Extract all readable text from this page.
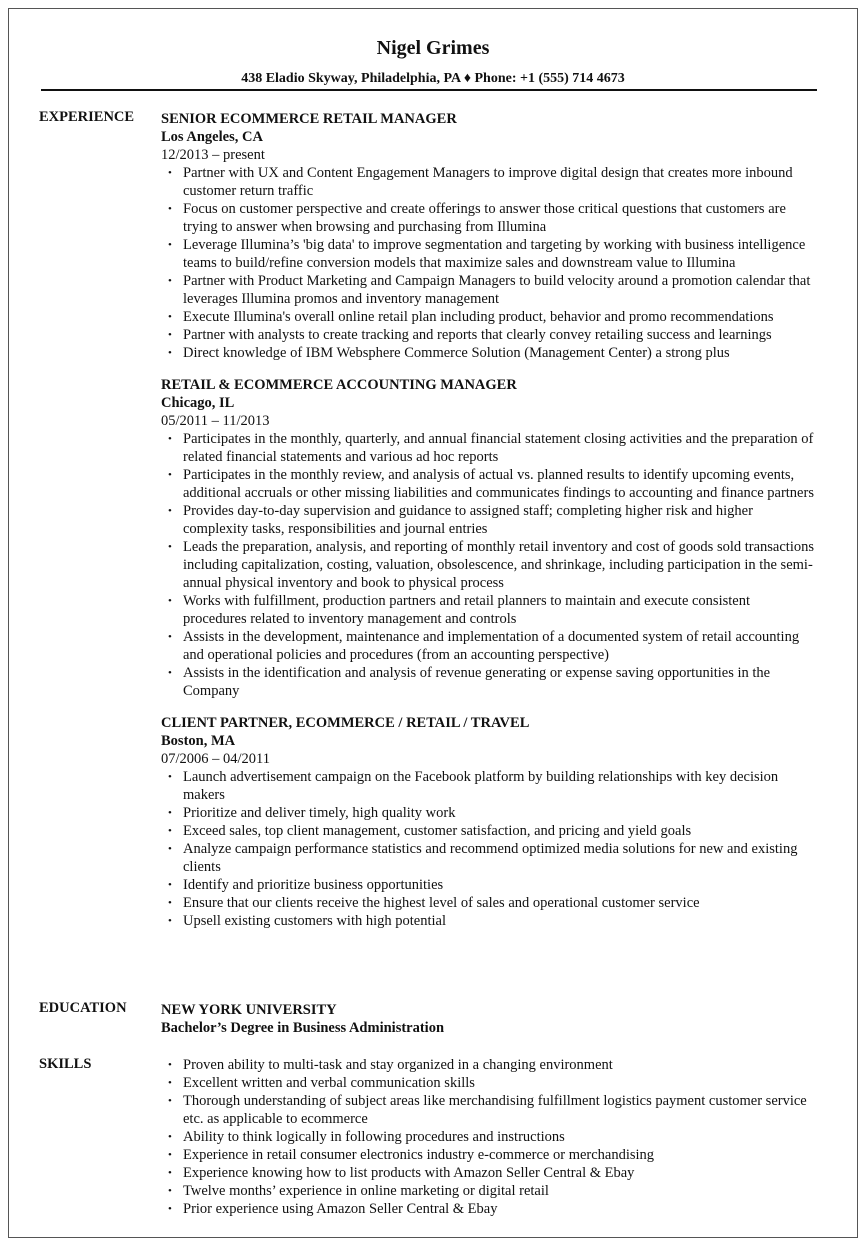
Nigel Grimes
438 Eladio Skyway, Philadelphia, PA ♦ Phone: +1 (555) 714 4673
EXPERIENCE SENIOR ECOMMERCE RETAIL MANAGER
Los Angeles, CA
12/2013 – present
• Partner with UX and Content Engagement Managers to improve digital design that creates more inbound customer return traffic
• Focus on customer perspective and create offerings to answer those critical questions that customers are trying to answer when browsing and purchasing from Illumina
• Leverage Illumina’s 'big data' to improve segmentation and targeting by working with business intelligence teams to build/refine conversion models that maximize sales and downstream value to Illumina
• Partner with Product Marketing and Campaign Managers to build velocity around a promotion calendar that leverages Illumina promos and inventory management
• Execute Illumina's overall online retail plan including product, behavior and promo recommendations
• Partner with analysts to create tracking and reports that clearly convey retailing success and learnings
• Direct knowledge of IBM Websphere Commerce Solution (Management Center) a strong plus
RETAIL & ECOMMERCE ACCOUNTING MANAGER
Chicago, IL
05/2011 – 11/2013
• Participates in the monthly, quarterly, and annual financial statement closing activities and the preparation of related financial statements and various ad hoc reports
• Participates in the monthly review, and analysis of actual vs. planned results to identify upcoming events, additional accruals or other missing liabilities and communicates findings to accounting and finance partners
• Provides day-to-day supervision and guidance to assigned staff; completing higher risk and higher complexity tasks, responsibilities and journal entries
• Leads the preparation, analysis, and reporting of monthly retail inventory and cost of goods sold transactions including capitalization, costing, valuation, obsolescence, and shrinkage, including participation in the semi-annual physical inventory and book to physical process
• Works with fulfillment, production partners and retail planners to maintain and execute consistent procedures related to inventory management and controls
• Assists in the development, maintenance and implementation of a documented system of retail accounting and operational policies and procedures (from an accounting perspective)
• Assists in the identification and analysis of revenue generating or expense saving opportunities in the Company
CLIENT PARTNER, ECOMMERCE / RETAIL / TRAVEL
Boston, MA
07/2006 – 04/2011
• Launch advertisement campaign on the Facebook platform by building relationships with key decision makers
• Prioritize and deliver timely, high quality work
• Exceed sales, top client management, customer satisfaction, and pricing and yield goals
• Analyze campaign performance statistics and recommend optimized media solutions for new and existing clients
• Identify and prioritize business opportunities
• Ensure that our clients receive the highest level of sales and operational customer service
• Upsell existing customers with high potential
EDUCATION NEW YORK UNIVERSITY
Bachelor’s Degree in Business Administration
SKILLS	• Proven ability to multi-task and stay organized in a changing environment
• Excellent written and verbal communication skills
• Thorough understanding of subject areas like merchandising fulfillment logistics payment customer service etc. as applicable to ecommerce
• Ability to think logically in following procedures and instructions
• Experience in retail consumer electronics industry e-commerce or merchandising
• Experience knowing how to list products with Amazon Seller Central & Ebay
• Twelve months’ experience in online marketing or digital retail
• Prior experience using Amazon Seller Central & Ebay
